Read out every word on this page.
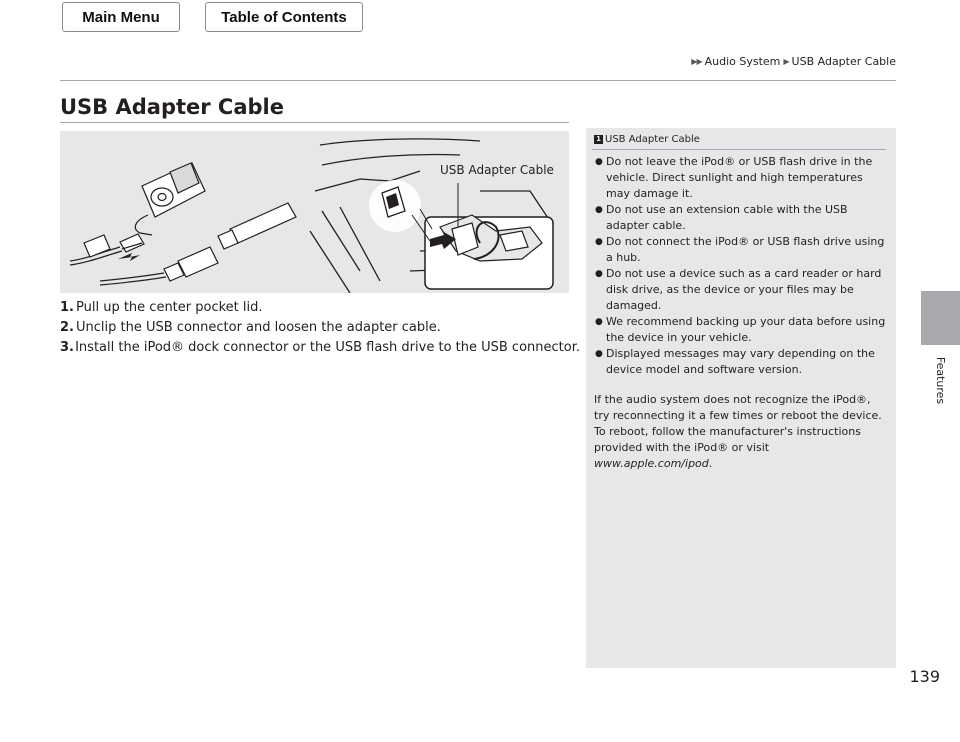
Main Menu	Table of Contents
▶▶ Audio System ▶ USB Adapter Cable
Features
139
USB Adapter Cable
USB Adapter Cable
1. Pull up the center pocket lid.
2. Unclip the USB connector and loosen the adapter cable.
3. Install the iPod® dock connector or the USB flash drive to the USB connector.
1 USB Adapter Cable
● Do not leave the iPod® or USB flash drive in the vehicle. Direct sunlight and high temperatures may damage it.
● Do not use an extension cable with the USB adapter cable.
● Do not connect the iPod® or USB flash drive using a hub.
● Do not use a device such as a card reader or hard disk drive, as the device or your files may be damaged.
● We recommend backing up your data before using the device in your vehicle.
● Displayed messages may vary depending on the device model and software version.

If the audio system does not recognize the iPod®, try reconnecting it a few times or reboot the device. To reboot, follow the manufacturer's instructions provided with the iPod® or visit www.apple.com/ipod.
